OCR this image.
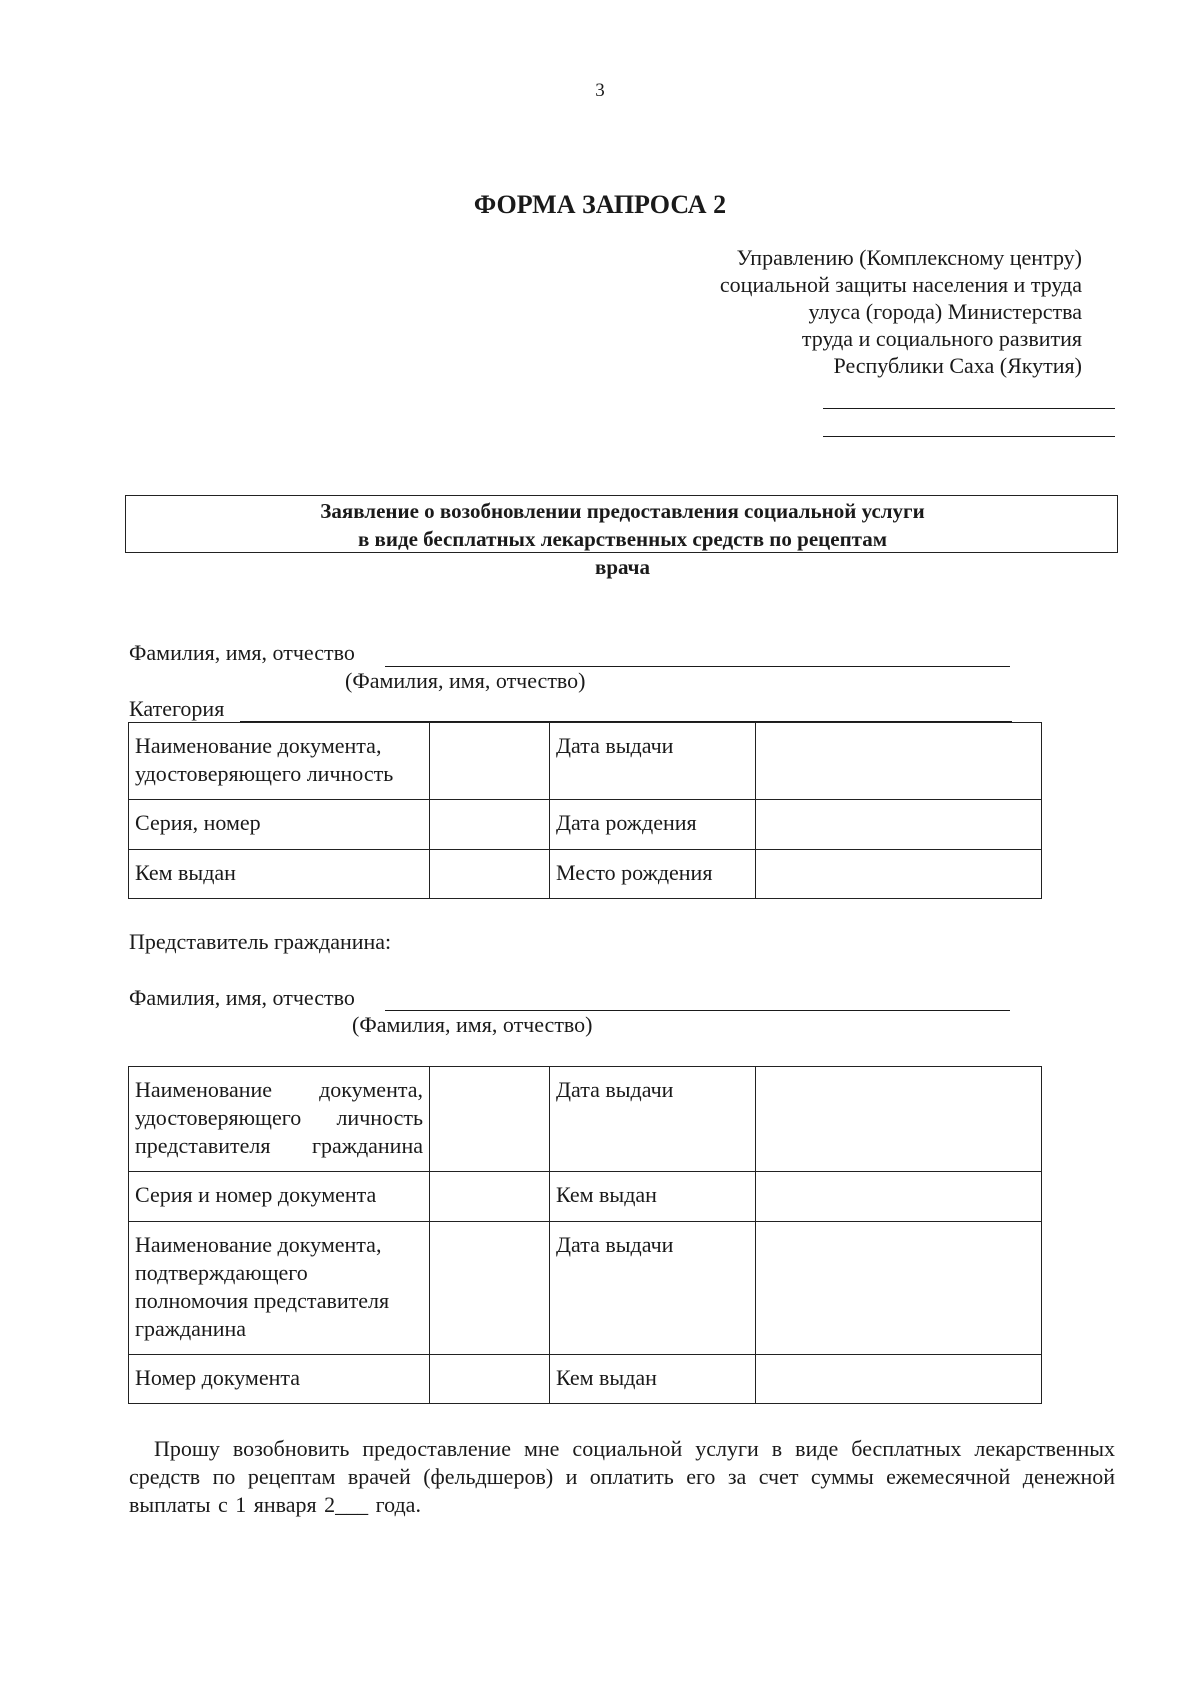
3
ФОРМА ЗАПРОСА 2
Управлению (Комплексному центру)
социальной защиты населения и труда
улуса (города) Министерства
труда и социального развития
Республики Саха (Якутия)
Заявление о возобновлении предоставления социальной услуги
в виде бесплатных лекарственных средств по рецептам
врача
Фамилия, имя, отчество
(Фамилия, имя, отчество)
Категория
Наименование документа, удостоверяющего личность		Дата выдачи	
Серия, номер		Дата рождения	
Кем выдан		Место рождения	
Представитель гражданина:
Фамилия, имя, отчество
(Фамилия, имя, отчество)
Наименование документа, удостоверяющего личность представителя гражданина		Дата выдачи	
Серия и номер документа		Кем выдан	
Наименование документа, подтверждающего полномочия представителя гражданина		Дата выдачи	
Номер документа		Кем выдан	
Прошу возобновить предоставление мне социальной услуги в виде бесплатных лекарственных средств по рецептам врачей (фельдшеров) и оплатить его за счет суммы ежемесячной денежной выплаты с 1 января 2___ года.
